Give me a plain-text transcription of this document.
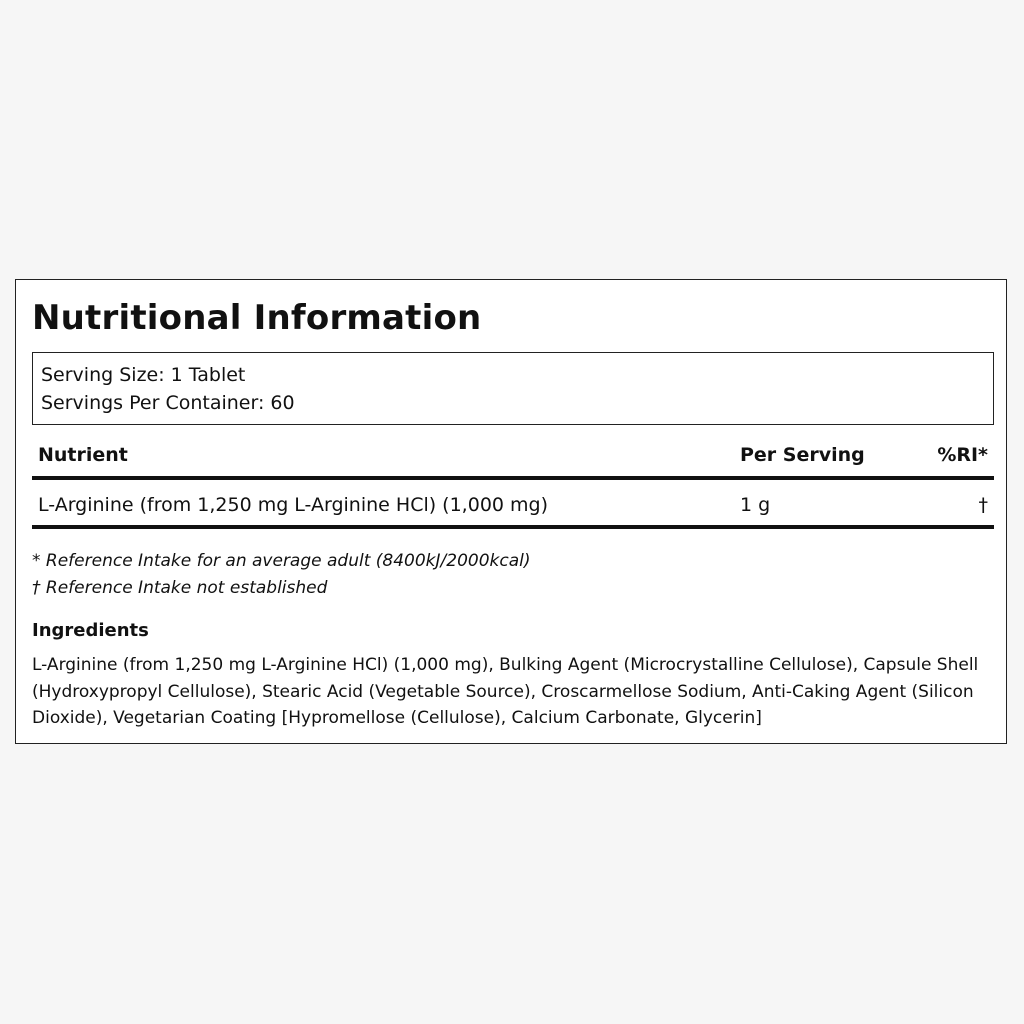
Nutritional Information
Serving Size: 1 Tablet
Servings Per Container: 60
Nutrient	Per Serving	%RI*
L-Arginine (from 1,250 mg L-Arginine HCl) (1,000 mg)	1 g	†
* Reference Intake for an average adult (8400kJ/2000kcal)
† Reference Intake not established
Ingredients
L-Arginine (from 1,250 mg L-Arginine HCl) (1,000 mg), Bulking Agent (Microcrystalline Cellulose), Capsule Shell (Hydroxypropyl Cellulose), Stearic Acid (Vegetable Source), Croscarmellose Sodium, Anti-Caking Agent (Silicon Dioxide), Vegetarian Coating [Hypromellose (Cellulose), Calcium Carbonate, Glycerin]
